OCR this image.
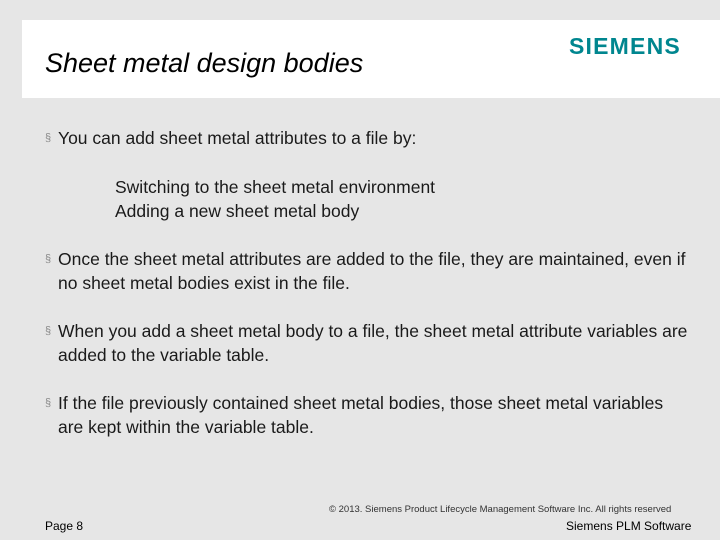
Sheet metal design bodies
SIEMENS
§ You can add sheet metal attributes to a file by:
Switching to the sheet metal environment
Adding a new sheet metal body
§ Once the sheet metal attributes are added to the file, they are maintained, even if no sheet metal bodies exist in the file.
§ When you add a sheet metal body to a file, the sheet metal attribute variables are added to the variable table.
§ If the file previously contained sheet metal bodies, those sheet metal variables are kept within the variable table.
© 2013. Siemens Product Lifecycle Management Software Inc. All rights reserved
Page 8	Siemens PLM Software
